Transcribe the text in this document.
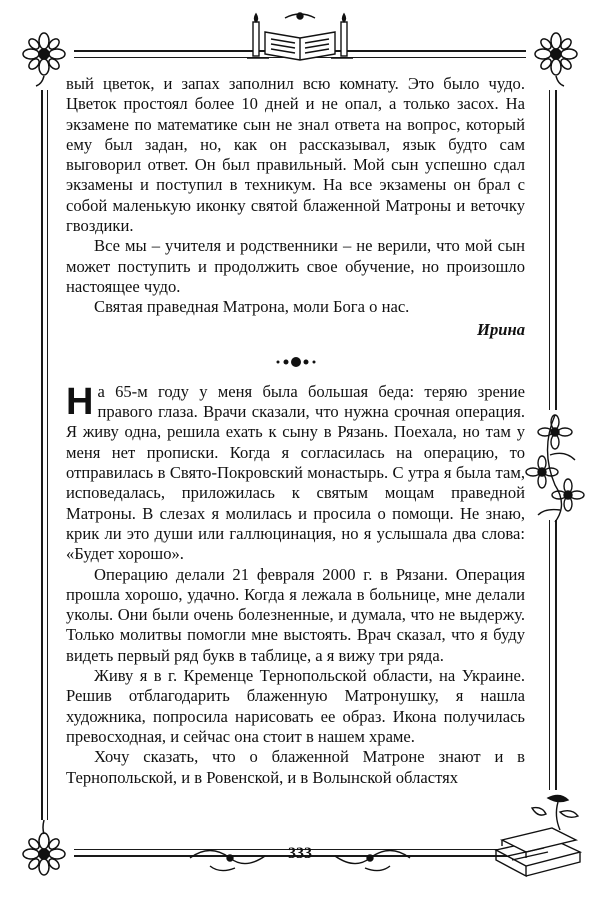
вый цветок, и запах заполнил всю комнату. Это было чудо. Цветок простоял более 10 дней и не опал, а только засох. На экзамене по математике сын не знал ответа на вопрос, который ему был задан, но, как он рассказывал, язык будто сам выговорил ответ. Он был правильный. Мой сын успешно сдал экзамены и поступил в техникум. На все экзамены он брал с собой маленькую иконку святой блаженной Матроны и веточку гвоздики.

Все мы – учителя и родственники – не верили, что мой сын может поступить и продолжить свое обучение, но произошло настоящее чудо.

Святая праведная Матрона, моли Бога о нас.

Ирина

На 65-м году у меня была большая беда: теряю зрение правого глаза. Врачи сказали, что нужна срочная операция. Я живу одна, решила ехать к сыну в Рязань. Поехала, но там у меня нет прописки. Когда я согласилась на операцию, то отправилась в Свято-Покровский монастырь. С утра я была там, исповедалась, приложилась к святым мощам праведной Матроны. В слезах я молилась и просила о помощи. Не знаю, крик ли это души или галлюцинация, но я услышала два слова: «Будет хорошо».

Операцию делали 21 февраля 2000 г. в Рязани. Операция прошла хорошо, удачно. Когда я лежала в больнице, мне делали уколы. Они были очень болезненные, и думала, что не выдержу. Только молитвы помогли мне выстоять. Врач сказал, что я буду видеть первый ряд букв в таблице, а я вижу три ряда.

Живу я в г. Кременце Тернопольской области, на Украине. Решив отблагодарить блаженную Матронушку, я нашла художника, попросила нарисовать ее образ. Икона получилась превосходная, и сейчас она стоит в нашем храме.

Хочу сказать, что о блаженной Матроне знают и в Тернопольской, и в Ровенской, и в Волынской областях

333
